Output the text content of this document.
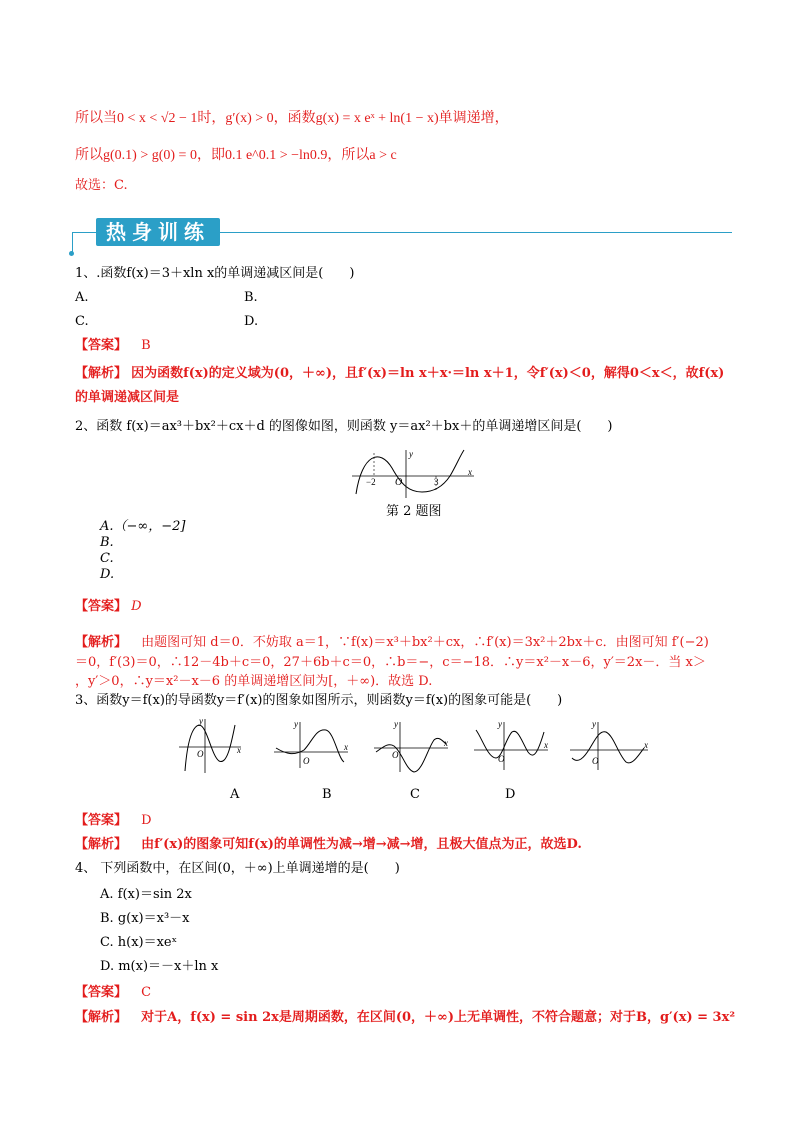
所以当0 < x < √2 − 1时，g′(x) > 0，函数g(x) = x eˣ + ln(1 − x)单调递增，
所以g(0.1) > g(0) = 0，即0.1 e^0.1 > −ln0.9，所以a > c
故选：C.
热身训练
1、.函数f(x)＝3＋xln x的单调递减区间是(　　)
A.	B.
C.	D.
【答案】 B
【解析】 因为函数f(x)的定义域为(0，＋∞)，且f′(x)＝ln x＋x·＝ln x＋1，令f′(x)＜0，解得0＜x＜，故f(x)
的单调递减区间是
2、函数 f(x)＝ax³＋bx²＋cx＋d 的图像如图，则函数 y＝ax²＋bx＋的单调递增区间是(　　)
y
x
O
−2	3
第 2 题图
A.（−∞，−2]
B.
C.
D.
【答案】 D
【解析】 由题图可知 d＝0．不妨取 a＝1，∵f(x)＝x³＋bx²＋cx，∴f′(x)＝3x²＋2bx＋c．由图可知 f′(−2)
＝0，f′(3)＝0，∴12－4b＋c＝0，27＋6b＋c＝0，∴b＝−，c＝−18．∴y＝x²－x－6，y′＝2x－．当 x＞
，y′＞0，∴y＝x²－x－6 的单调递增区间为[，＋∞)．故选 D.
3、函数y＝f(x)的导函数y＝f′(x)的图象如图所示，则函数y＝f(x)的图象可能是(　　)
y
x
O
y
x
O
y
x
O
y
x
O
y
x
O
A	B	C	D
【答案】 D
【解析】 由f′(x)的图象可知f(x)的单调性为减→增→减→增，且极大值点为正，故选D.
4、 下列函数中，在区间(0，＋∞)上单调递增的是(　　)
A. f(x)＝sin 2x
B. g(x)＝x³－x
C. h(x)＝xeˣ
D. m(x)＝－x＋ln x
【答案】 C
【解析】 对于A，f(x) = sin 2x是周期函数，在区间(0，＋∞)上无单调性，不符合题意；对于B，g′(x) = 3x²
